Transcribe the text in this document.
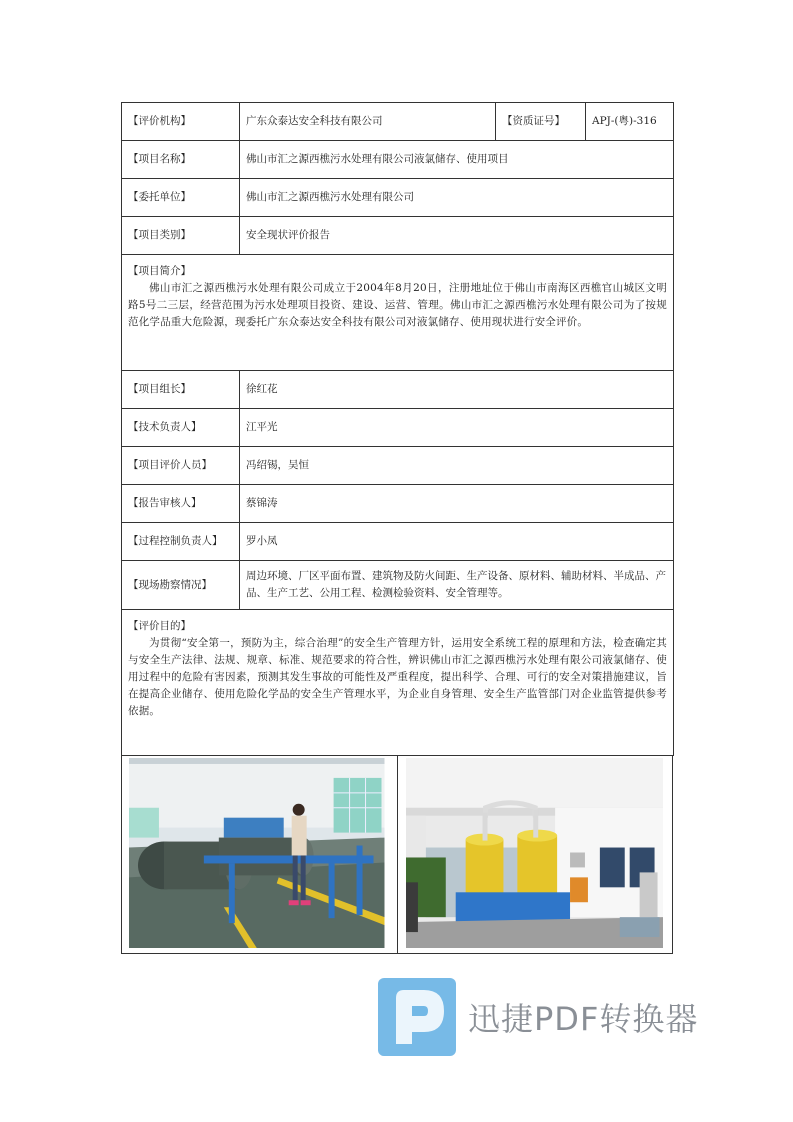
【评价机构】	广东众泰达安全科技有限公司	【资质证号】	APJ-(粤)-316
【项目名称】	佛山市汇之源西樵污水处理有限公司液氯储存、使用项目		
【委托单位】	佛山市汇之源西樵污水处理有限公司		
【项目类别】	安全现状评价报告		

【项目简介】
佛山市汇之源西樵污水处理有限公司成立于2004年8月20日，注册地址位于佛山市南海区西樵官山城区文明路5号二三层，经营范围为污水处理项目投资、建设、运营、管理。佛山市汇之源西樵污水处理有限公司为了按规范化学品重大危险源，现委托广东众泰达安全科技有限公司对液氯储存、使用现状进行安全评价。			

【项目组长】	徐红花		
【技术负责人】	江平光		
【项目评价人员】	冯绍锡，吴恒		
【报告审核人】	蔡锦涛		
【过程控制负责人】	罗小凤		
【现场勘察情况】	周边环境、厂区平面布置、建筑物及防火间距、生产设备、原材料、辅助材料、半成品、产品、生产工艺、公用工程、检测检验资料、安全管理等。		

【评价目的】
为贯彻“安全第一，预防为主，综合治理”的安全生产管理方针，运用安全系统工程的原理和方法，检查确定其与安全生产法律、法规、规章、标准、规范要求的符合性，辨识佛山市汇之源西樵污水处理有限公司液氯储存、使用过程中的危险有害因素，预测其发生事故的可能性及严重程度，提出科学、合理、可行的安全对策措施建议，旨在提高企业储存、使用危险化学品的安全生产管理水平，为企业自身管理、安全生产监管部门对企业监管提供参考依据。			
迅捷PDF转换器
